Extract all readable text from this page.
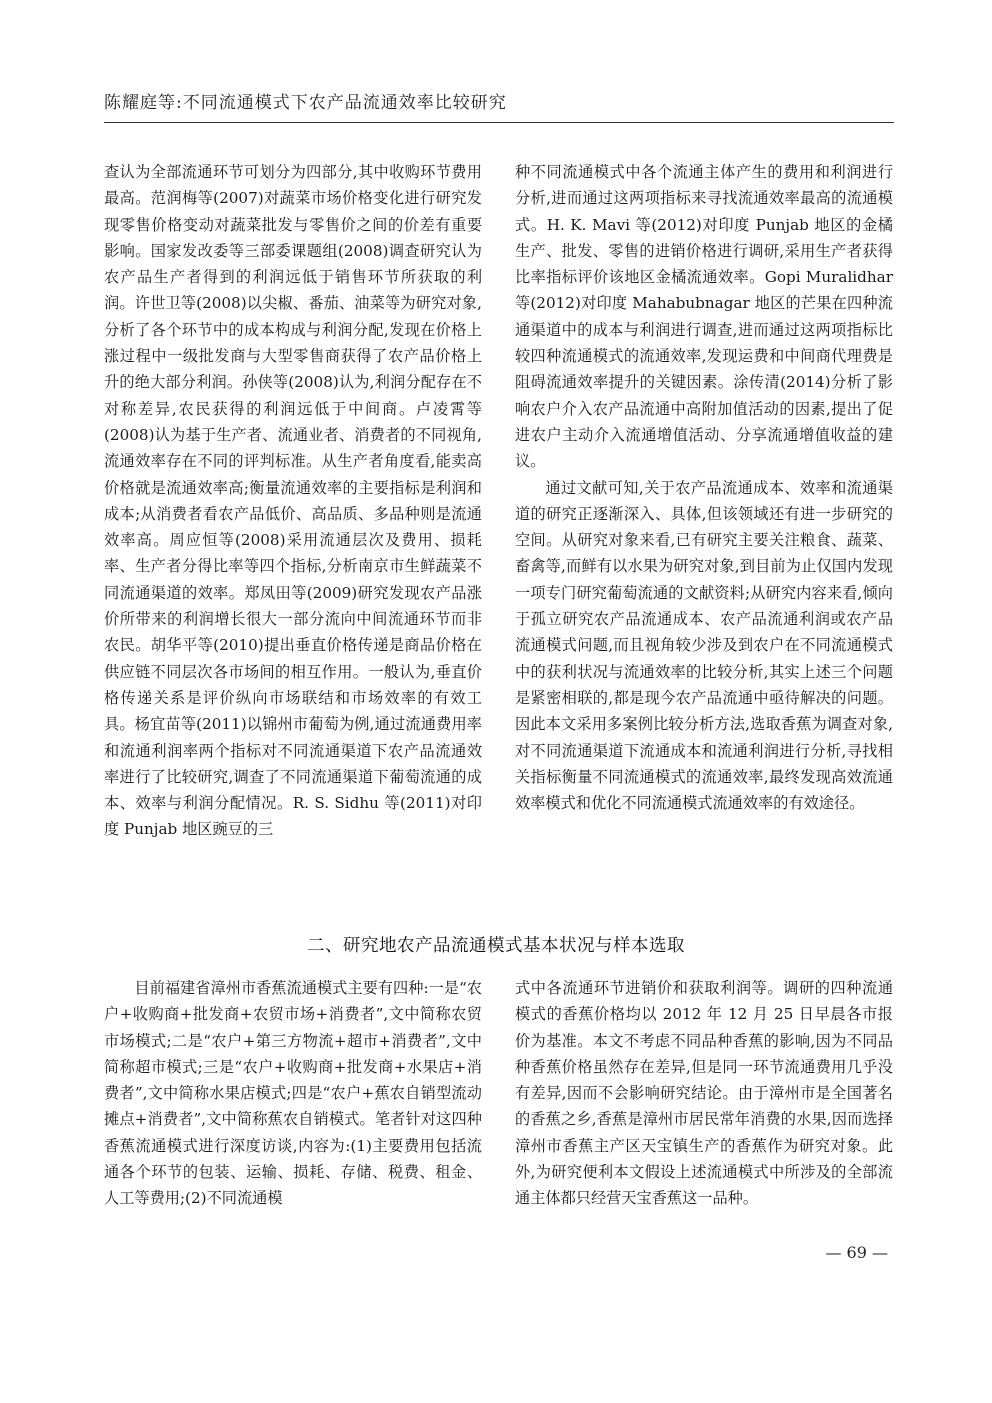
陈耀庭等:不同流通模式下农产品流通效率比较研究

查认为全部流通环节可划分为四部分,其中收购环节费用最高。范润梅等(2007)对蔬菜市场价格变化进行研究发现零售价格变动对蔬菜批发与零售价之间的价差有重要影响。国家发改委等三部委课题组(2008)调查研究认为农产品生产者得到的利润远低于销售环节所获取的利润。许世卫等(2008)以尖椒、番茄、油菜等为研究对象,分析了各个环节中的成本构成与利润分配,发现在价格上涨过程中一级批发商与大型零售商获得了农产品价格上升的绝大部分利润。孙侠等(2008)认为,利润分配存在不对称差异,农民获得的利润远低于中间商。卢凌霄等(2008)认为基于生产者、流通业者、消费者的不同视角,流通效率存在不同的评判标准。从生产者角度看,能卖高价格就是流通效率高;衡量流通效率的主要指标是利润和成本;从消费者看农产品低价、高品质、多品种则是流通效率高。周应恒等(2008)采用流通层次及费用、损耗率、生产者分得比率等四个指标,分析南京市生鲜蔬菜不同流通渠道的效率。郑凤田等(2009)研究发现农产品涨价所带来的利润增长很大一部分流向中间流通环节而非农民。胡华平等(2010)提出垂直价格传递是商品价格在供应链不同层次各市场间的相互作用。一般认为,垂直价格传递关系是评价纵向市场联结和市场效率的有效工具。杨宜苗等(2011)以锦州市葡萄为例,通过流通费用率和流通利润率两个指标对不同流通渠道下农产品流通效率进行了比较研究,调查了不同流通渠道下葡萄流通的成本、效率与利润分配情况。R. S. Sidhu 等(2011)对印度 Punjab 地区豌豆的三

种不同流通模式中各个流通主体产生的费用和利润进行分析,进而通过这两项指标来寻找流通效率最高的流通模式。H. K. Mavi 等(2012)对印度 Punjab 地区的金橘生产、批发、零售的进销价格进行调研,采用生产者获得比率指标评价该地区金橘流通效率。Gopi Muralidhar 等(2012)对印度 Mahabubnagar 地区的芒果在四种流通渠道中的成本与利润进行调查,进而通过这两项指标比较四种流通模式的流通效率,发现运费和中间商代理费是阻碍流通效率提升的关键因素。涂传清(2014)分析了影响农户介入农产品流通中高附加值活动的因素,提出了促进农户主动介入流通增值活动、分享流通增值收益的建议。

通过文献可知,关于农产品流通成本、效率和流通渠道的研究正逐渐深入、具体,但该领域还有进一步研究的空间。从研究对象来看,已有研究主要关注粮食、蔬菜、畜禽等,而鲜有以水果为研究对象,到目前为止仅国内发现一项专门研究葡萄流通的文献资料;从研究内容来看,倾向于孤立研究农产品流通成本、农产品流通利润或农产品流通模式问题,而且视角较少涉及到农户在不同流通模式中的获利状况与流通效率的比较分析,其实上述三个问题是紧密相联的,都是现今农产品流通中亟待解决的问题。因此本文采用多案例比较分析方法,选取香蕉为调查对象,对不同流通渠道下流通成本和流通利润进行分析,寻找相关指标衡量不同流通模式的流通效率,最终发现高效流通效率模式和优化不同流通模式流通效率的有效途径。

二、研究地农产品流通模式基本状况与样本选取

目前福建省漳州市香蕉流通模式主要有四种:一是“农户+收购商+批发商+农贸市场+消费者”,文中简称农贸市场模式;二是“农户+第三方物流+超市+消费者”,文中简称超市模式;三是“农户+收购商+批发商+水果店+消费者”,文中简称水果店模式;四是“农户+蕉农自销型流动摊点+消费者”,文中简称蕉农自销模式。笔者针对这四种香蕉流通模式进行深度访谈,内容为:(1)主要费用包括流通各个环节的包装、运输、损耗、存储、税费、租金、人工等费用;(2)不同流通模

式中各流通环节进销价和获取利润等。调研的四种流通模式的香蕉价格均以 2012 年 12 月 25 日早晨各市报价为基准。本文不考虑不同品种香蕉的影响,因为不同品种香蕉价格虽然存在差异,但是同一环节流通费用几乎没有差异,因而不会影响研究结论。由于漳州市是全国著名的香蕉之乡,香蕉是漳州市居民常年消费的水果,因而选择漳州市香蕉主产区天宝镇生产的香蕉作为研究对象。此外,为研究便利本文假设上述流通模式中所涉及的全部流通主体都只经营天宝香蕉这一品种。

— 69 —
